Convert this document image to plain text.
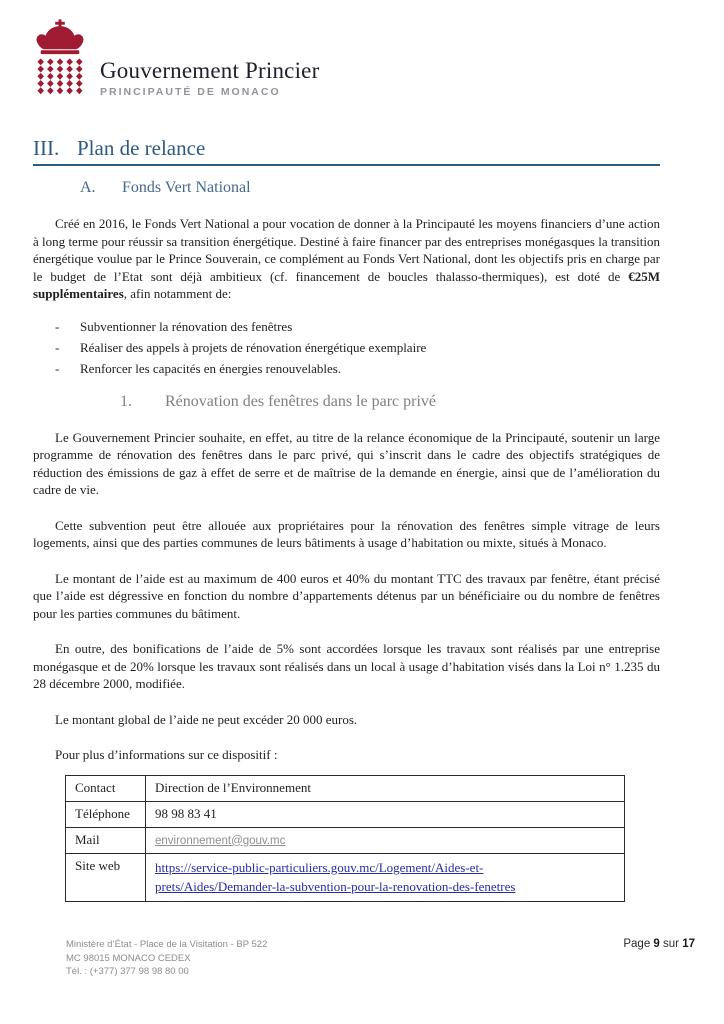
Gouvernement Princier
PRINCIPAUTÉ DE MONACO
III. Plan de relance
A. Fonds Vert National

Créé en 2016, le Fonds Vert National a pour vocation de donner à la Principauté les moyens financiers d’une action à long terme pour réussir sa transition énergétique. Destiné à faire financer par des entreprises monégasques la transition énergétique voulue par le Prince Souverain, ce complément au Fonds Vert National, dont les objectifs pris en charge par le budget de l’Etat sont déjà ambitieux (cf. financement de boucles thalasso-thermiques), est doté de €25M supplémentaires, afin notamment de:

- Subventionner la rénovation des fenêtres
- Réaliser des appels à projets de rénovation énergétique exemplaire
- Renforcer les capacités en énergies renouvelables.
1. Rénovation des fenêtres dans le parc privé

Le Gouvernement Princier souhaite, en effet, au titre de la relance économique de la Principauté, soutenir un large programme de rénovation des fenêtres dans le parc privé, qui s’inscrit dans le cadre des objectifs stratégiques de réduction des émissions de gaz à effet de serre et de maîtrise de la demande en énergie, ainsi que de l’amélioration du cadre de vie.

Cette subvention peut être allouée aux propriétaires pour la rénovation des fenêtres simple vitrage de leurs logements, ainsi que des parties communes de leurs bâtiments à usage d’habitation ou mixte, situés à Monaco.

Le montant de l’aide est au maximum de 400 euros et 40% du montant TTC des travaux par fenêtre, étant précisé que l’aide est dégressive en fonction du nombre d’appartements détenus par un bénéficiaire ou du nombre de fenêtres pour les parties communes du bâtiment.

En outre, des bonifications de l’aide de 5% sont accordées lorsque les travaux sont réalisés par une entreprise monégasque et de 20% lorsque les travaux sont réalisés dans un local à usage d’habitation visés dans la Loi n° 1.235 du 28 décembre 2000, modifiée.

Le montant global de l’aide ne peut excéder 20 000 euros.

Pour plus d’informations sur ce dispositif :

Contact	Direction de l’Environnement
Téléphone	98 98 83 41
Mail	environnement@gouv.mc
Site web	https://service-public-particuliers.gouv.mc/Logement/Aides-et-
prets/Aides/Demander-la-subvention-pour-la-renovation-des-fenetres
Ministère d’État - Place de la Visitation - BP 522
MC 98015 MONACO CEDEX
Tél. : (+377) 377 98 98 80 00
Page 9 sur 17
